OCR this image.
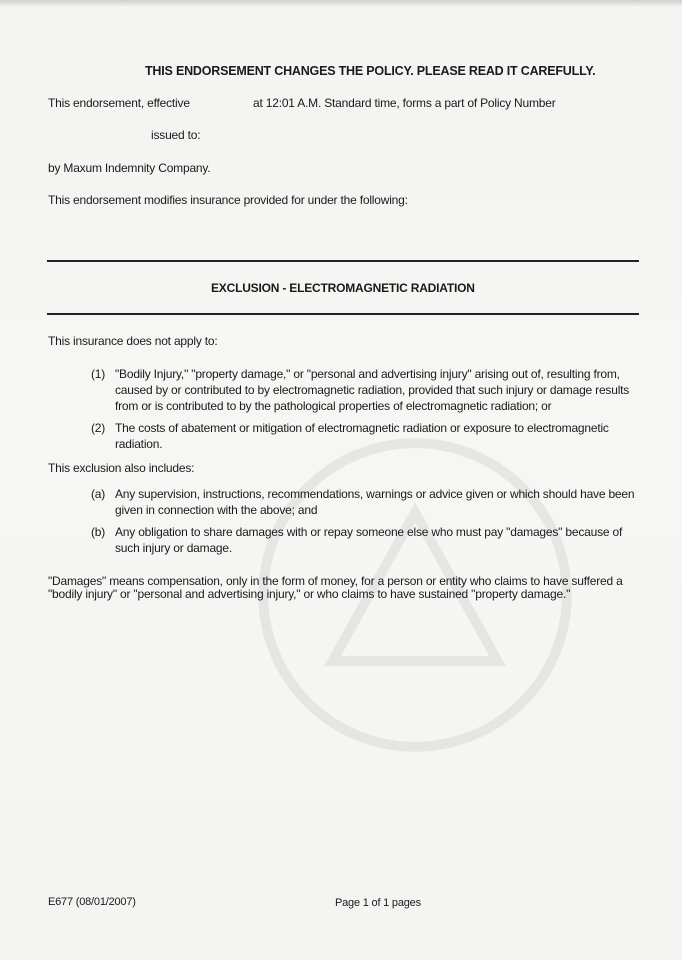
THIS ENDORSEMENT CHANGES THE POLICY. PLEASE READ IT CAREFULLY.
This endorsement, effective	at 12:01 A.M. Standard time, forms a part of Policy Number
issued to:
by Maxum Indemnity Company.
This endorsement modifies insurance provided for under the following:
EXCLUSION - ELECTROMAGNETIC RADIATION
This insurance does not apply to:
(1) "Bodily Injury," "property damage," or "personal and advertising injury" arising out of, resulting from, caused by or contributed to by electromagnetic radiation, provided that such injury or damage results from or is contributed to by the pathological properties of electromagnetic radiation; or
(2) The costs of abatement or mitigation of electromagnetic radiation or exposure to electromagnetic radiation.
This exclusion also includes:
(a) Any supervision, instructions, recommendations, warnings or advice given or which should have been given in connection with the above; and
(b) Any obligation to share damages with or repay someone else who must pay "damages" because of such injury or damage.
"Damages" means compensation, only in the form of money, for a person or entity who claims to have suffered a "bodily injury" or "personal and advertising injury," or who claims to have sustained "property damage."
E677 (08/01/2007)	Page 1 of 1 pages
